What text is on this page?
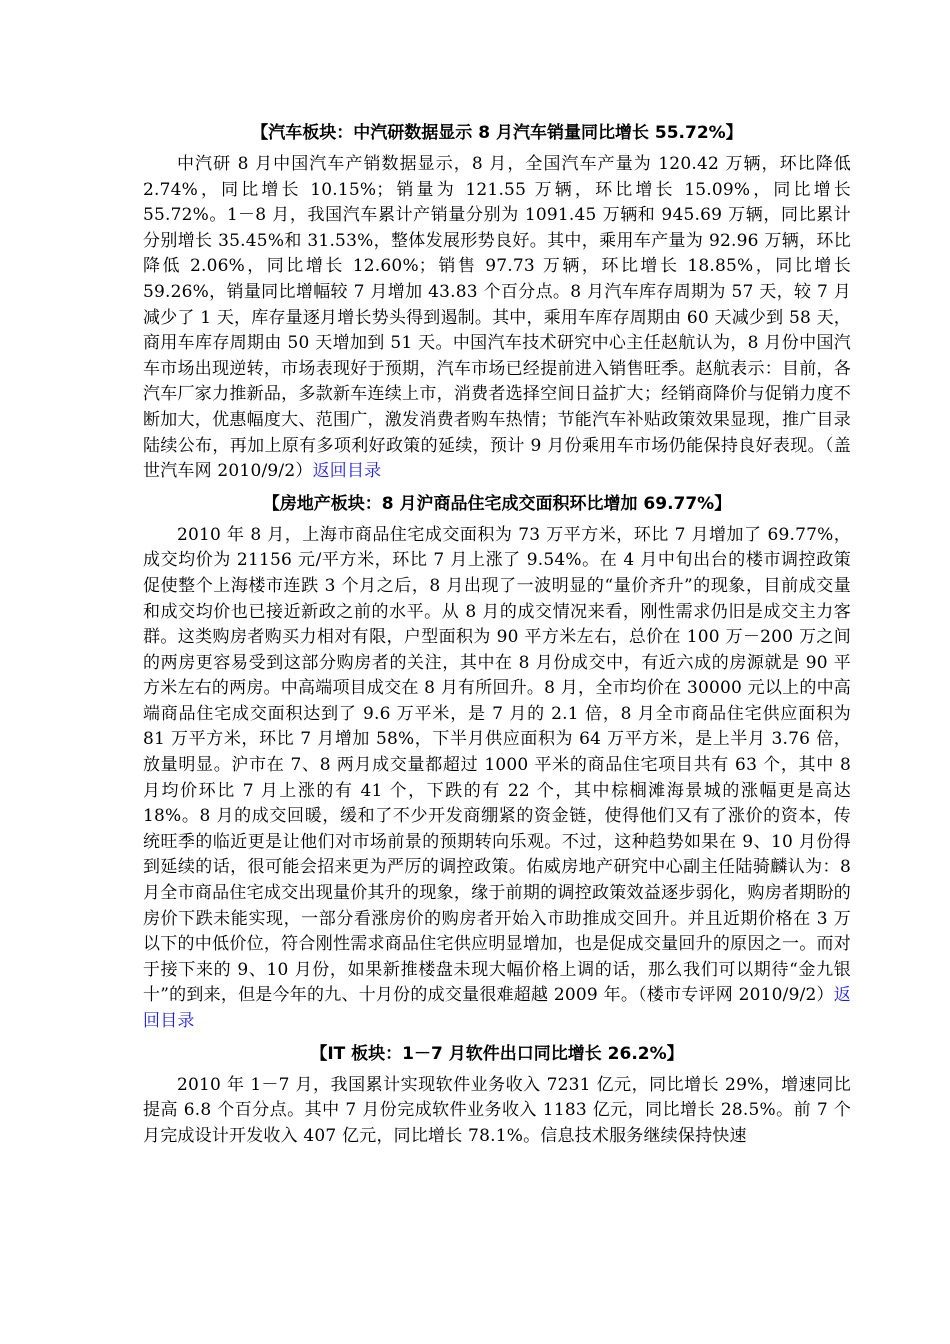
【汽车板块：中汽研数据显示 8 月汽车销量同比增长 55.72%】

中汽研 8 月中国汽车产销数据显示，8 月，全国汽车产量为 120.42 万辆，环比降低 2.74%，同比增长 10.15%；销量为 121.55 万辆，环比增长 15.09%，同比增长 55.72%。1－8 月，我国汽车累计产销量分别为 1091.45 万辆和 945.69 万辆，同比累计分别增长 35.45%和 31.53%，整体发展形势良好。其中，乘用车产量为 92.96 万辆，环比降低 2.06%，同比增长 12.60%；销售 97.73 万辆，环比增长 18.85%，同比增长 59.26%，销量同比增幅较 7 月增加 43.83 个百分点。8 月汽车库存周期为 57 天，较 7 月减少了 1 天，库存量逐月增长势头得到遏制。其中，乘用车库存周期由 60 天减少到 58 天，商用车库存周期由 50 天增加到 51 天。中国汽车技术研究中心主任赵航认为，8 月份中国汽车市场出现逆转，市场表现好于预期，汽车市场已经提前进入销售旺季。赵航表示：目前，各汽车厂家力推新品，多款新车连续上市，消费者选择空间日益扩大；经销商降价与促销力度不断加大，优惠幅度大、范围广，激发消费者购车热情；节能汽车补贴政策效果显现，推广目录陆续公布，再加上原有多项利好政策的延续，预计 9 月份乘用车市场仍能保持良好表现。（盖世汽车网 2010/9/2）返回目录

【房地产板块：8 月沪商品住宅成交面积环比增加 69.77%】

2010 年 8 月，上海市商品住宅成交面积为 73 万平方米，环比 7 月增加了 69.77%，成交均价为 21156 元/平方米，环比 7 月上涨了 9.54%。在 4 月中旬出台的楼市调控政策促使整个上海楼市连跌 3 个月之后，8 月出现了一波明显的“量价齐升”的现象，目前成交量和成交均价也已接近新政之前的水平。从 8 月的成交情况来看，刚性需求仍旧是成交主力客群。这类购房者购买力相对有限，户型面积为 90 平方米左右，总价在 100 万－200 万之间的两房更容易受到这部分购房者的关注，其中在 8 月份成交中，有近六成的房源就是 90 平方米左右的两房。中高端项目成交在 8 月有所回升。8 月，全市均价在 30000 元以上的中高端商品住宅成交面积达到了 9.6 万平米，是 7 月的 2.1 倍，8 月全市商品住宅供应面积为 81 万平方米，环比 7 月增加 58%，下半月供应面积为 64 万平方米，是上半月 3.76 倍，放量明显。沪市在 7、8 两月成交量都超过 1000 平米的商品住宅项目共有 63 个，其中 8 月均价环比 7 月上涨的有 41 个，下跌的有 22 个，其中棕榈滩海景城的涨幅更是高达 18%。8 月的成交回暖，缓和了不少开发商绷紧的资金链，使得他们又有了涨价的资本，传统旺季的临近更是让他们对市场前景的预期转向乐观。不过，这种趋势如果在 9、10 月份得到延续的话，很可能会招来更为严厉的调控政策。佑威房地产研究中心副主任陆骑麟认为：8 月全市商品住宅成交出现量价其升的现象，缘于前期的调控政策效益逐步弱化，购房者期盼的房价下跌未能实现，一部分看涨房价的购房者开始入市助推成交回升。并且近期价格在 3 万以下的中低价位，符合刚性需求商品住宅供应明显增加，也是促成交量回升的原因之一。而对于接下来的 9、10 月份，如果新推楼盘未现大幅价格上调的话，那么我们可以期待“金九银十”的到来，但是今年的九、十月份的成交量很难超越 2009 年。（楼市专评网 2010/9/2）返回目录

【IT 板块：1－7 月软件出口同比增长 26.2%】

2010 年 1－7 月，我国累计实现软件业务收入 7231 亿元，同比增长 29%，增速同比提高 6.8 个百分点。其中 7 月份完成软件业务收入 1183 亿元，同比增长 28.5%。前 7 个月完成设计开发收入 407 亿元，同比增长 78.1%。信息技术服务继续保持快速
